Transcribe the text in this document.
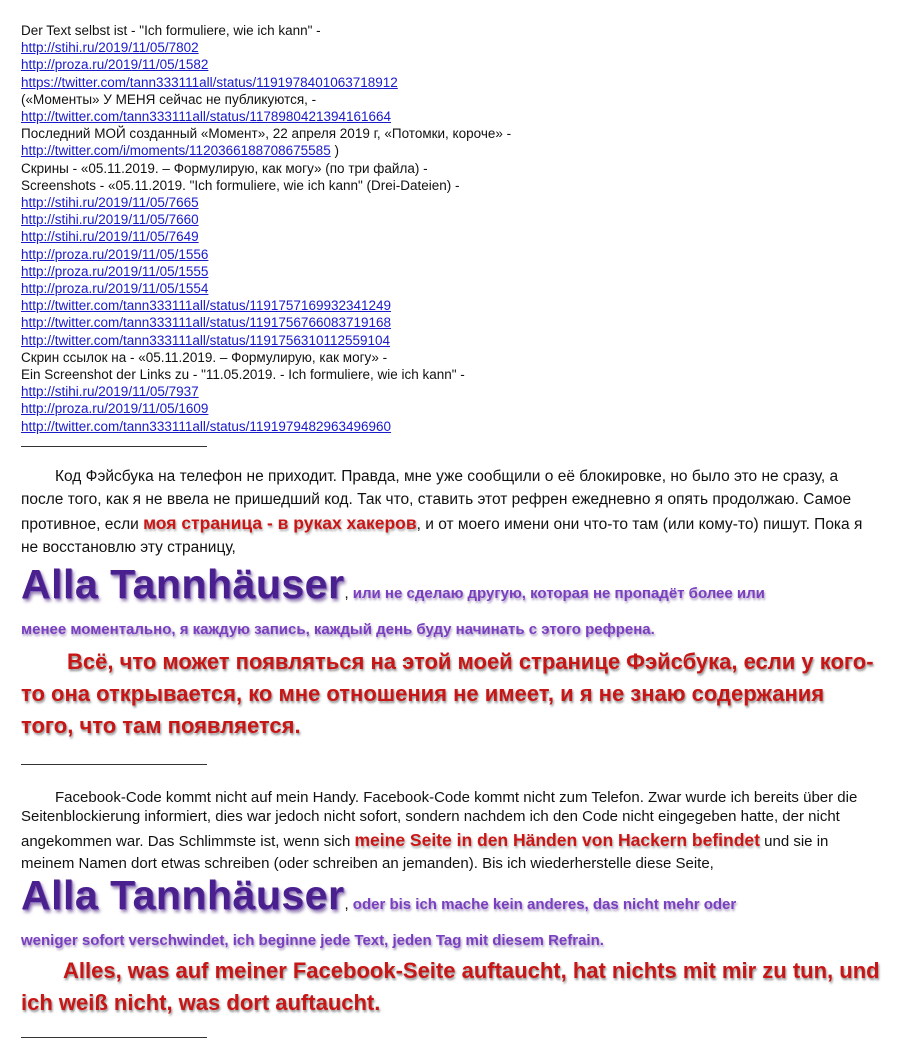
Der Text selbst ist - "Ich formuliere, wie ich kann" -
http://stihi.ru/2019/11/05/7802
http://proza.ru/2019/11/05/1582
https://twitter.com/tann333111all/status/1191978401063718912
(«Моменты» У МЕНЯ сейчас не публикуются, -
http://twitter.com/tann333111all/status/1178980421394161664
Последний МОЙ созданный «Момент», 22 апреля 2019 г, «Потомки, короче» -
http://twitter.com/i/moments/1120366188708675585 )
Скрины - «05.11.2019. – Формулирую, как могу» (по три файла) -
Screenshots - «05.11.2019. "Ich formuliere, wie ich kann" (Drei-Dateien) -
http://stihi.ru/2019/11/05/7665
http://stihi.ru/2019/11/05/7660
http://stihi.ru/2019/11/05/7649
http://proza.ru/2019/11/05/1556
http://proza.ru/2019/11/05/1555
http://proza.ru/2019/11/05/1554
http://twitter.com/tann333111all/status/1191757169932341249
http://twitter.com/tann333111all/status/1191756766083719168
http://twitter.com/tann333111all/status/1191756310112559104
Скрин ссылок на - «05.11.2019. – Формулирую, как могу» -
Ein Screenshot der Links zu - "11.05.2019. - Ich formuliere, wie ich kann" -
http://stihi.ru/2019/11/05/7937
http://proza.ru/2019/11/05/1609
http://twitter.com/tann333111all/status/1191979482963496960

Код Фэйсбука на телефон не приходит. Правда, мне уже сообщили о её блокировке, но было это не сразу, а после того, как я не ввела не пришедший код. Так что, ставить этот рефрен ежедневно я опять продолжаю. Самое противное, если моя страница - в руках хакеров, и от моего имени они что-то там (или кому-то) пишут. Пока я не восстановлю эту страницу,

Alla Tannhäuser, или не сделаю другую, которая не пропадёт более или
менее моментально, я каждую запись, каждый день буду начинать с этого рефрена.

Всё, что может появляться на этой моей странице Фэйсбука, если у кого-то она открывается, ко мне отношения не имеет, и я не знаю содержания того, что там появляется.

Facebook-Code kommt nicht auf mein Handy. Facebook-Code kommt nicht zum Telefon. Zwar wurde ich bereits über die Seitenblockierung informiert, dies war jedoch nicht sofort, sondern nachdem ich den Code nicht eingegeben hatte, der nicht angekommen war. Das Schlimmste ist, wenn sich meine Seite in den Händen von Hackern befindet und sie in meinem Namen dort etwas schreiben (oder schreiben an jemanden). Bis ich wiederherstelle diese Seite,

Alla Tannhäuser, oder bis ich mache kein anderes, das nicht mehr oder
weniger sofort verschwindet, ich beginne jede Text, jeden Tag mit diesem Refrain.

Alles, was auf meiner Facebook-Seite auftaucht, hat nichts mit mir zu tun, und ich weiß nicht, was dort auftaucht.
